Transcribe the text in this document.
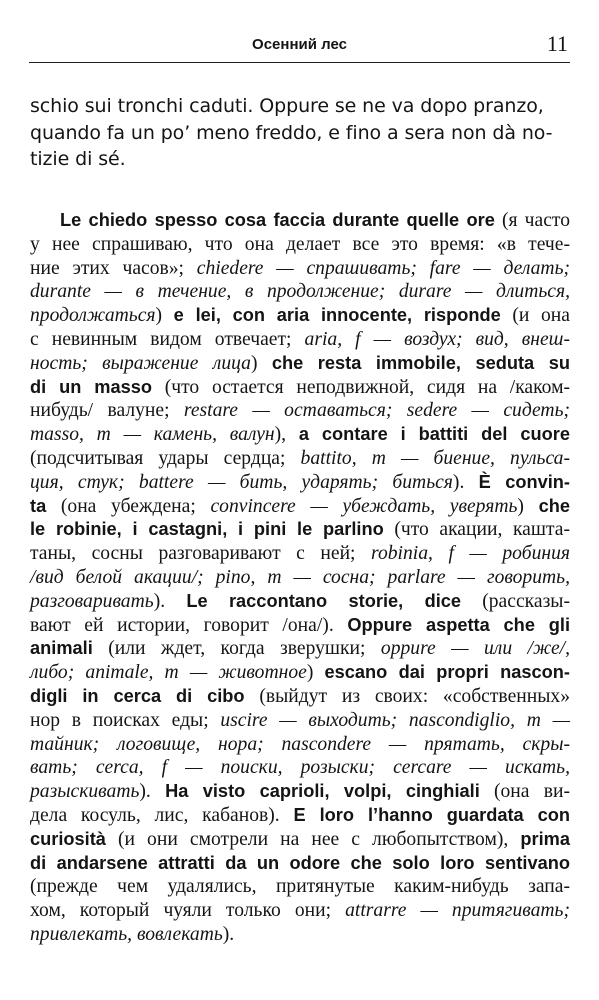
Осенний лес	11
schio sui tronchi caduti. Oppure se ne va dopo pranzo,
quando fa un po’ meno freddo, e fino a sera non dà no-
tizie di sé.
Le chiedo spesso cosa faccia durante quelle ore (я часто
у нее спрашиваю, что она делает все это время: «в тече-
ние этих часов»; chiedere — спрашивать; fare — делать;
durante — в течение, в продолжение; durare — длиться,
продолжаться) e lei, con aria innocente, risponde (и она
с невинным видом отвечает; aria, f — воздух; вид, внеш-
ность; выражение лица) che resta immobile, seduta su
di un masso (что остается неподвижной, сидя на /каком-
нибудь/ валуне; restare — оставаться; sedere — сидеть;
masso, m — камень, валун), a contare i battiti del cuore
(подсчитывая удары сердца; battito, m — биение, пульса-
ция, стук; battere — бить, ударять; биться). È convin-
ta (она убеждена; convincere — убеждать, уверять) che
le robinie, i castagni, i pini le parlino (что акации, кашта-
таны, сосны разговаривают с ней; robinia, f — робиния
/вид белой акации/; pino, m — сосна; parlare — говорить,
разговаривать). Le raccontano storie, dice (рассказы-
вают ей истории, говорит /она/). Oppure aspetta che gli
animali (или ждет, когда зверушки; oppure — или /же/,
либо; animale, m — животное) escano dai propri nascon-
digli in cerca di cibo (выйдут из своих: «собственных»
нор в поисках еды; uscire — выходить; nascondiglio, m —
тайник; логовище, нора; nascondere — прятать, скры-
вать; cerca, f — поиски, розыски; cercare — искать,
разыскивать). Ha visto caprioli, volpi, cinghiali (она ви-
дела косуль, лис, кабанов). E loro l’hanno guardata con
curiosità (и они смотрели на нее с любопытством), prima
di andarsene attratti da un odore che solo loro sentivano
(прежде чем удалялись, притянутые каким-нибудь запа-
хом, который чуяли только они; attrarre — притягивать;
привлекать, вовлекать).
